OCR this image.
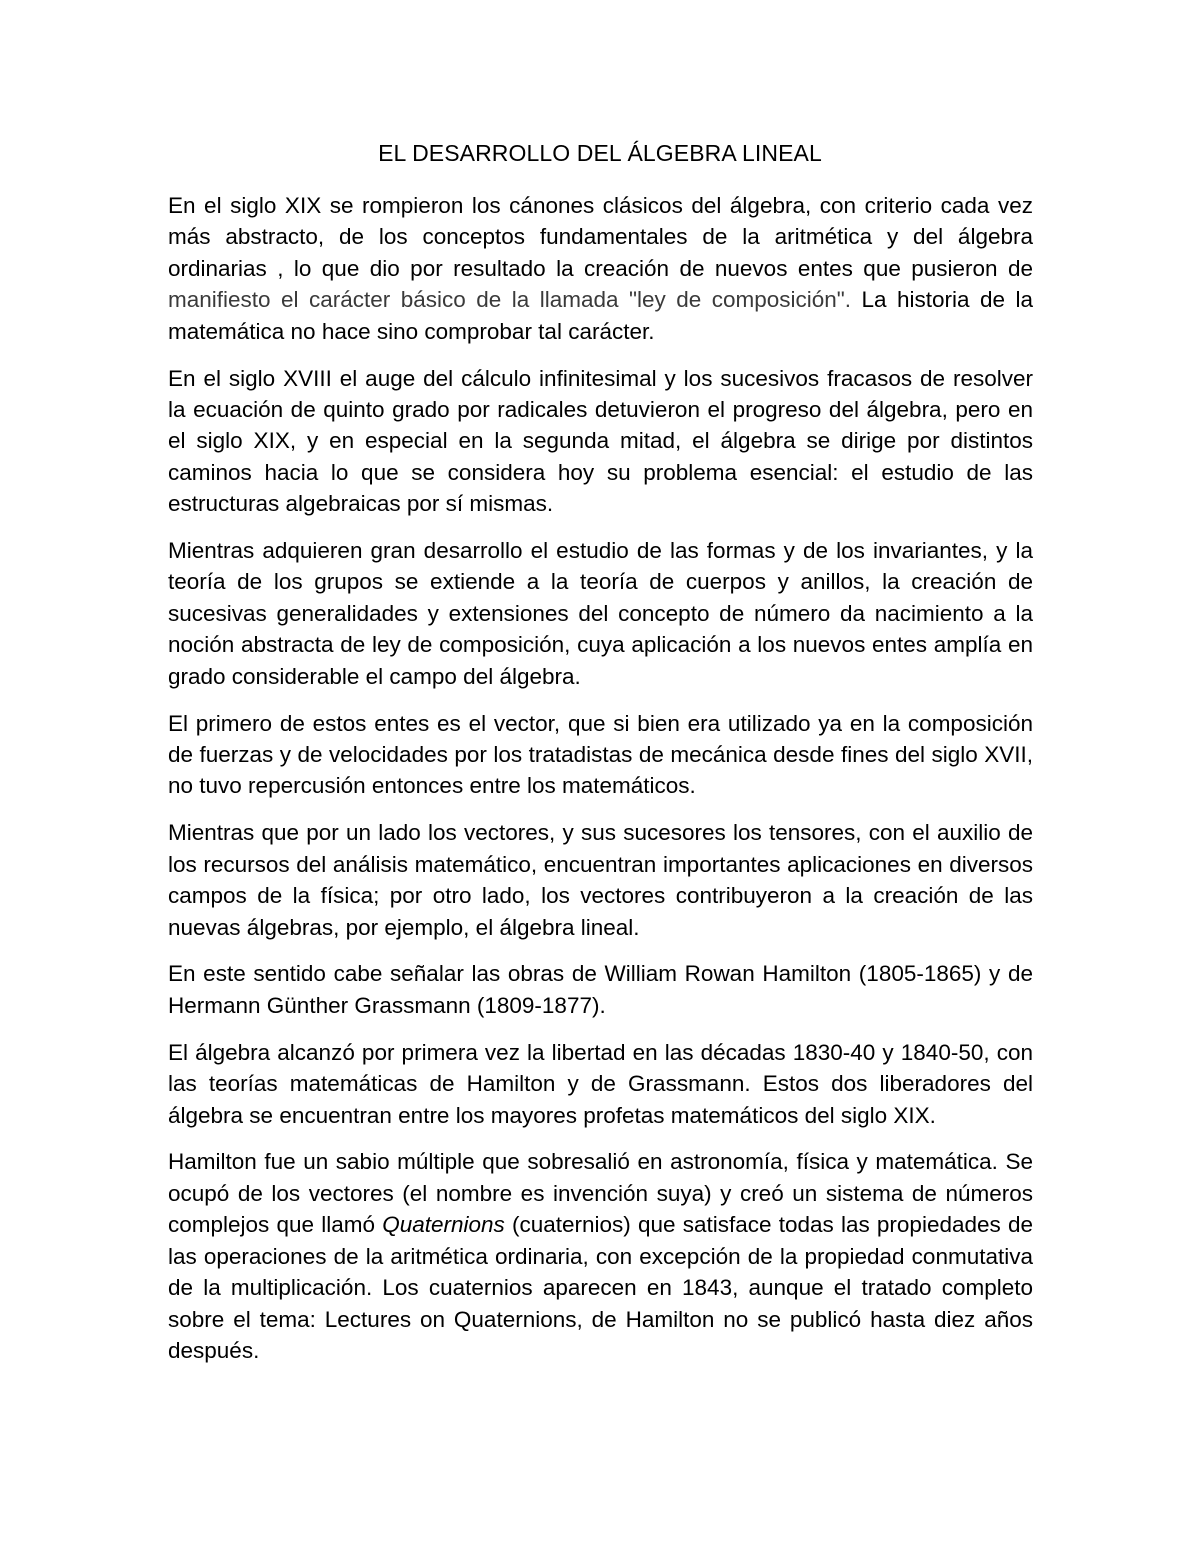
EL DESARROLLO DEL ÁLGEBRA LINEAL

En el siglo XIX se rompieron los cánones clásicos del álgebra, con criterio cada vez más abstracto, de los conceptos fundamentales de la aritmética y del álgebra ordinarias , lo que dio por resultado la creación de nuevos entes que pusieron de manifiesto el carácter básico de la llamada "ley de composición". La historia de la matemática no hace sino comprobar tal carácter.

En el siglo XVIII el auge del cálculo infinitesimal y los sucesivos fracasos de resolver la ecuación de quinto grado por radicales detuvieron el progreso del álgebra, pero en el siglo XIX, y en especial en la segunda mitad, el álgebra se dirige por distintos caminos hacia lo que se considera hoy su problema esencial: el estudio de las estructuras algebraicas por sí mismas.

Mientras adquieren gran desarrollo el estudio de las formas y de los invariantes, y la teoría de los grupos se extiende a la teoría de cuerpos y anillos, la creación de sucesivas generalidades y extensiones del concepto de número da nacimiento a la noción abstracta de ley de composición, cuya aplicación a los nuevos entes amplía en grado considerable el campo del álgebra.

El primero de estos entes es el vector, que si bien era utilizado ya en la composición de fuerzas y de velocidades por los tratadistas de mecánica desde fines del siglo XVII, no tuvo repercusión entonces entre los matemáticos.

Mientras que por un lado los vectores, y sus sucesores los tensores, con el auxilio de los recursos del análisis matemático, encuentran importantes aplicaciones en diversos campos de la física; por otro lado, los vectores contribuyeron a la creación de las nuevas álgebras, por ejemplo, el álgebra lineal.

En este sentido cabe señalar las obras de William Rowan Hamilton (1805-1865) y de Hermann Günther Grassmann (1809-1877).

El álgebra alcanzó por primera vez la libertad en las décadas 1830-40 y 1840-50, con las teorías matemáticas de Hamilton y de Grassmann. Estos dos liberadores del álgebra se encuentran entre los mayores profetas matemáticos del siglo XIX.

Hamilton fue un sabio múltiple que sobresalió en astronomía, física y matemática. Se ocupó de los vectores (el nombre es invención suya) y creó un sistema de números complejos que llamó Quaternions (cuaternios) que satisface todas las propiedades de las operaciones de la aritmética ordinaria, con excepción de la propiedad conmutativa de la multiplicación. Los cuaternios aparecen en 1843, aunque el tratado completo sobre el tema: Lectures on Quaternions, de Hamilton no se publicó hasta diez años después.
